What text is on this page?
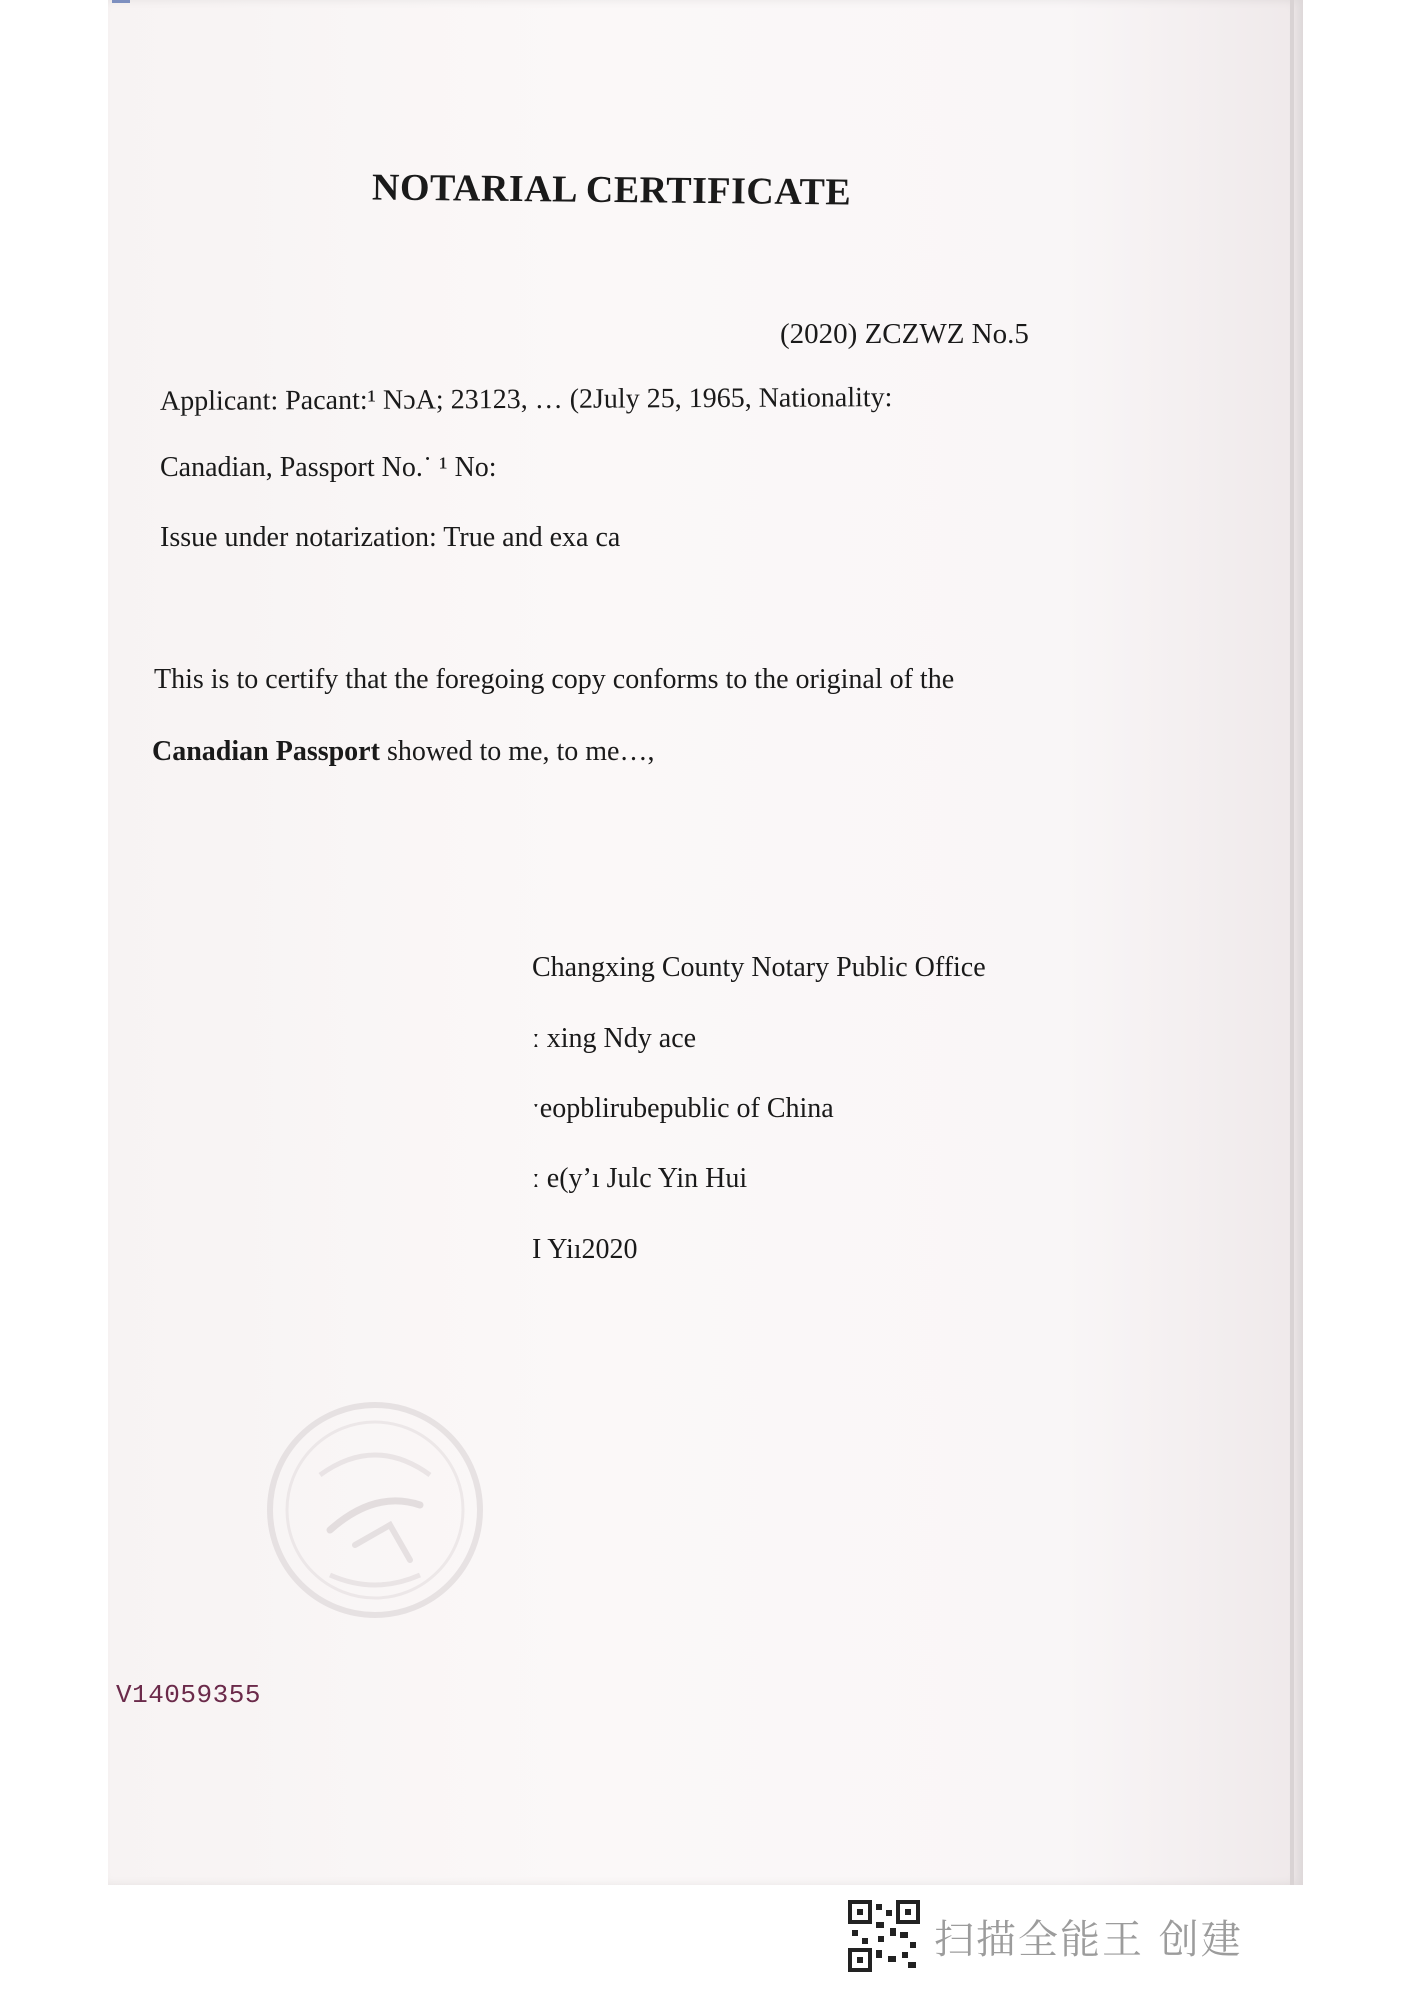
NOTARIAL CERTIFICATE
(2020) ZCZWZ No.5
Applicant: Pacant:¹ NɔA; 23123, … (2July 25, 1965, Nationality:
Canadian, Passport No.˙ ¹ No:
Issue under notarization: True and exa ca
This is to certify that the foregoing copy conforms to the original of the
Canadian Passport showed to me, to me…,
Changxing County Notary Public Office
ː xing Ndy ace
ˑeopblirubepublic of China
ː e(yʼı Julc Yin Hui
I Yiı2020
V14059355
扫描全能王 创建
